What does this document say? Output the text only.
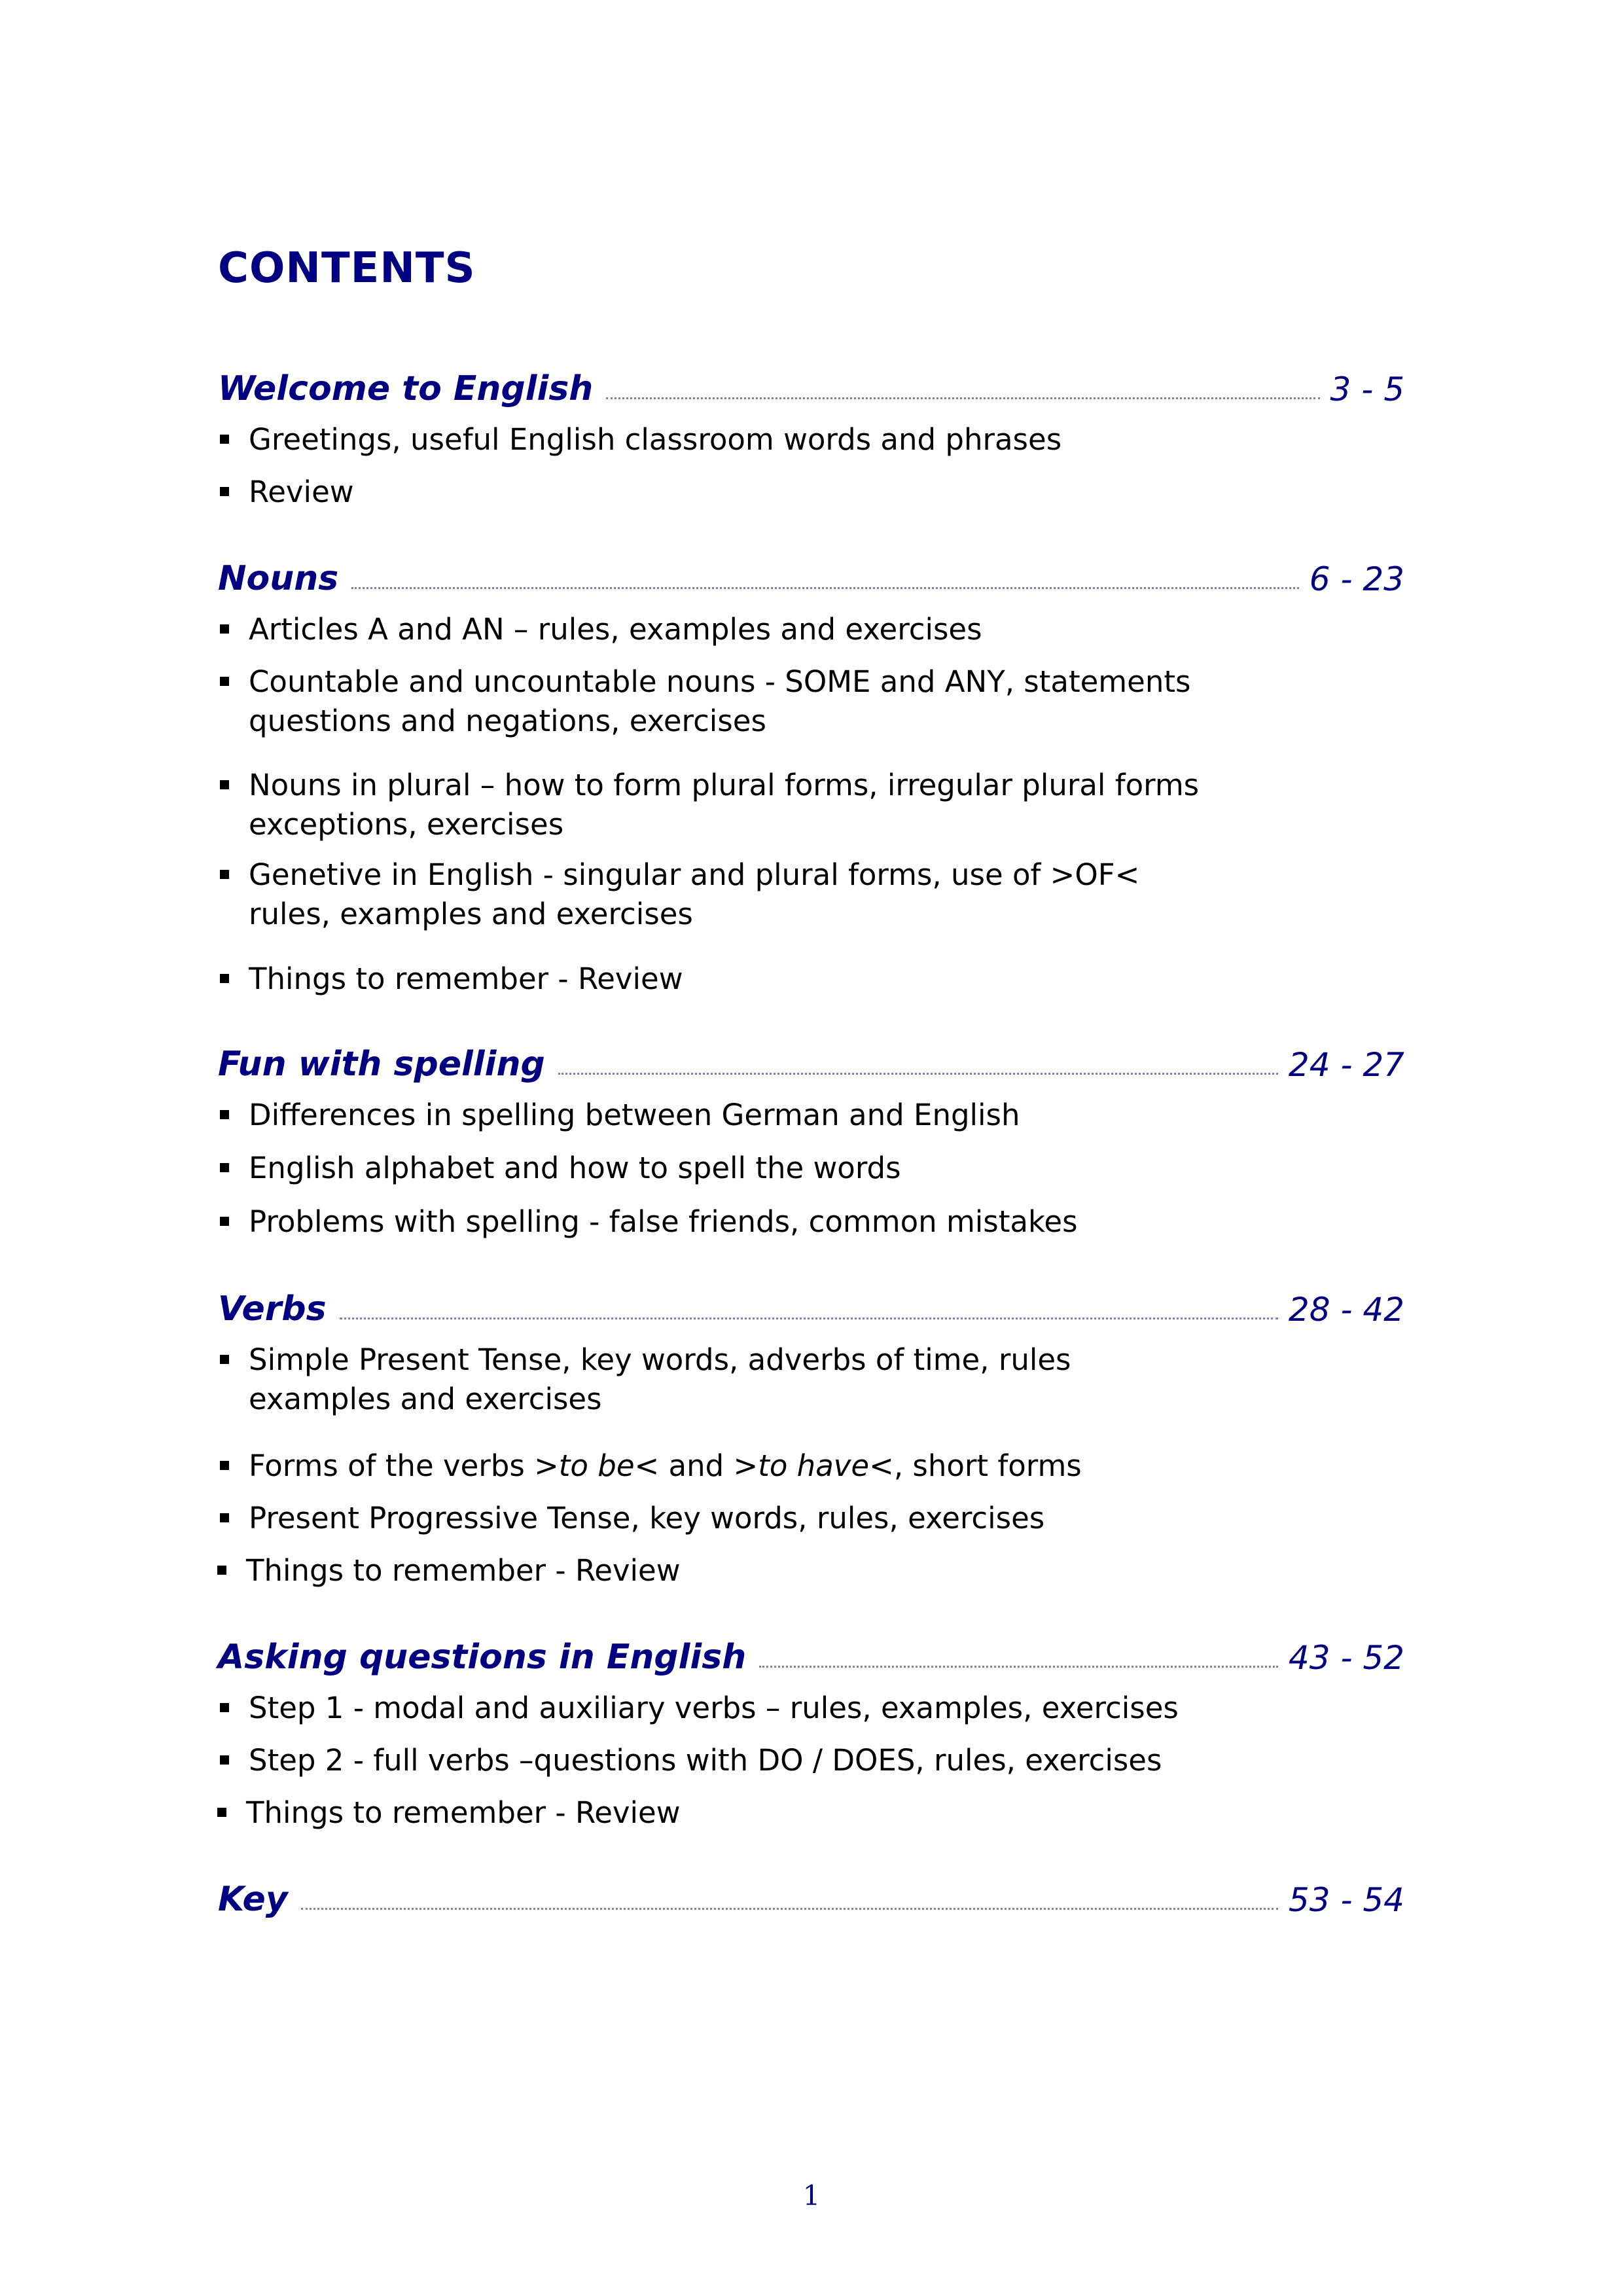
CONTENTS
Welcome to English	3 - 5
Greetings, useful English classroom words and phrases
Review
Nouns	6 - 23
Articles A and AN – rules, examples and exercises
Countable and uncountable nouns - SOME and ANY, statements
questions and negations, exercises
Nouns in plural – how to form plural forms, irregular plural forms
exceptions, exercises
Genetive in English - singular and plural forms, use of >OF<
rules, examples and exercises
Things to remember - Review
Fun with spelling	24 - 27
Differences in spelling between German and English
English alphabet and how to spell the words
Problems with spelling - false friends, common mistakes
Verbs	28 - 42
Simple Present Tense, key words, adverbs of time, rules
examples and exercises
Forms of the verbs >to be< and >to have<, short forms
Present Progressive Tense, key words, rules, exercises
Things to remember - Review
Asking questions in English	43 - 52
Step 1 - modal and auxiliary verbs – rules, examples, exercises
Step 2 - full verbs –questions with DO / DOES, rules, exercises
Things to remember - Review
Key	53 - 54
1
